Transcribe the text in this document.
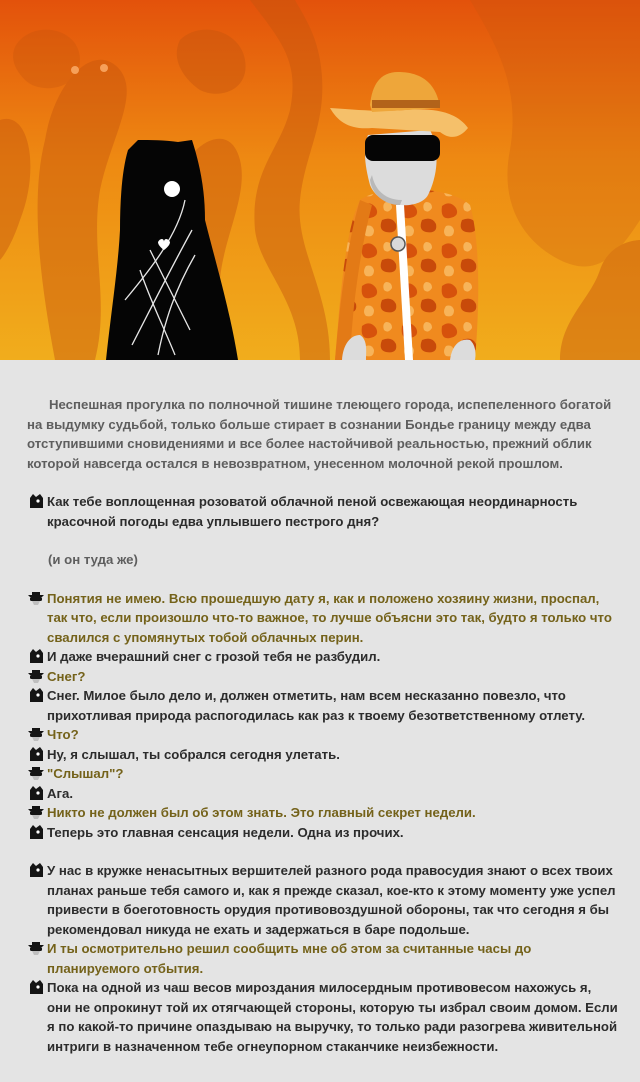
Неспешная прогулка по полночной тишине тлеющего города, испепеленного богатой на выдумку судьбой, только больше стирает в сознании Бондье границу между едва отступившими сновидениями и все более настойчивой реальностью, прежний облик которой навсегда остался в невозвратном, унесенном молочной рекой прошлом.

Как тебе воплощенная розоватой облачной пеной освежающая неординарность красочной погоды едва уплывшего пестрого дня?

(и он туда же)

Понятия не имею. Всю прошедшую дату я, как и положено хозяину жизни, проспал, так что, если произошло что-то важное, то лучше объясни это так, будто я только что свалился с упомянутых тобой облачных перин.
И даже вчерашний снег с грозой тебя не разбудил.
Снег?
Снег. Милое было дело и, должен отметить, нам всем несказанно повезло, что прихотливая природа распогодилась как раз к твоему безответственному отлету.
Что?
Ну, я слышал, ты собрался сегодня улетать.
"Слышал"?
Ага.
Никто не должен был об этом знать. Это главный секрет недели.
Теперь это главная сенсация недели. Одна из прочих.
У нас в кружке ненасытных вершителей разного рода правосудия знают о всех твоих планах раньше тебя самого и, как я прежде сказал, кое-кто к этому моменту уже успел привести в боеготовность орудия противовоздушной обороны, так что сегодня я бы рекомендовал никуда не ехать и задержаться в баре подольше.
И ты осмотрительно решил сообщить мне об этом за считанные часы до планируемого отбытия.
Пока на одной из чаш весов мироздания милосердным противовесом нахожусь я, они не опрокинут той их отягчающей стороны, которую ты избрал своим домом. Если я по какой-то причине опаздываю на выручку, то только ради разогрева живительной интриги в назначенном тебе огнеупорном стаканчике неизбежности.
